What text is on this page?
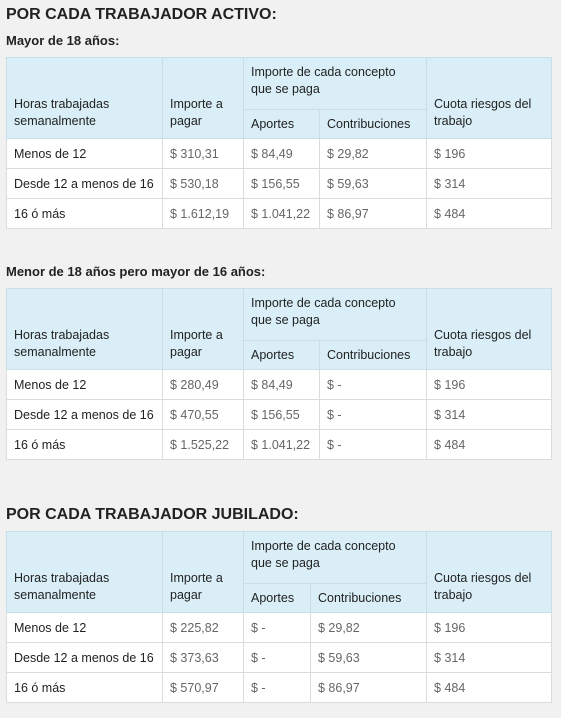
POR CADA TRABAJADOR ACTIVO:
Mayor de 18 años:
Horas trabajadas semanalmente	Importe a pagar	Importe de cada concepto que se paga		Cuota riesgos del trabajo
		Aportes	Contribuciones	
Menos de 12	$ 310,31	$ 84,49	$ 29,82	$ 196
Desde 12 a menos de 16	$ 530,18	$ 156,55	$ 59,63	$ 314
16 ó más	$ 1.612,19	$ 1.041,22	$ 86,97	$ 484
Menor de 18 años pero mayor de 16 años:
Horas trabajadas semanalmente	Importe a pagar	Importe de cada concepto que se paga		Cuota riesgos del trabajo
		Aportes	Contribuciones	
Menos de 12	$ 280,49	$ 84,49	$ -	$ 196
Desde 12 a menos de 16	$ 470,55	$ 156,55	$ -	$ 314
16 ó más	$ 1.525,22	$ 1.041,22	$ -	$ 484
POR CADA TRABAJADOR JUBILADO:
Horas trabajadas semanalmente	Importe a pagar	Importe de cada concepto que se paga		Cuota riesgos del trabajo
		Aportes	Contribuciones	
Menos de 12	$ 225,82	$ -	$ 29,82	$ 196
Desde 12 a menos de 16	$ 373,63	$ -	$ 59,63	$ 314
16 ó más	$ 570,97	$ -	$ 86,97	$ 484
